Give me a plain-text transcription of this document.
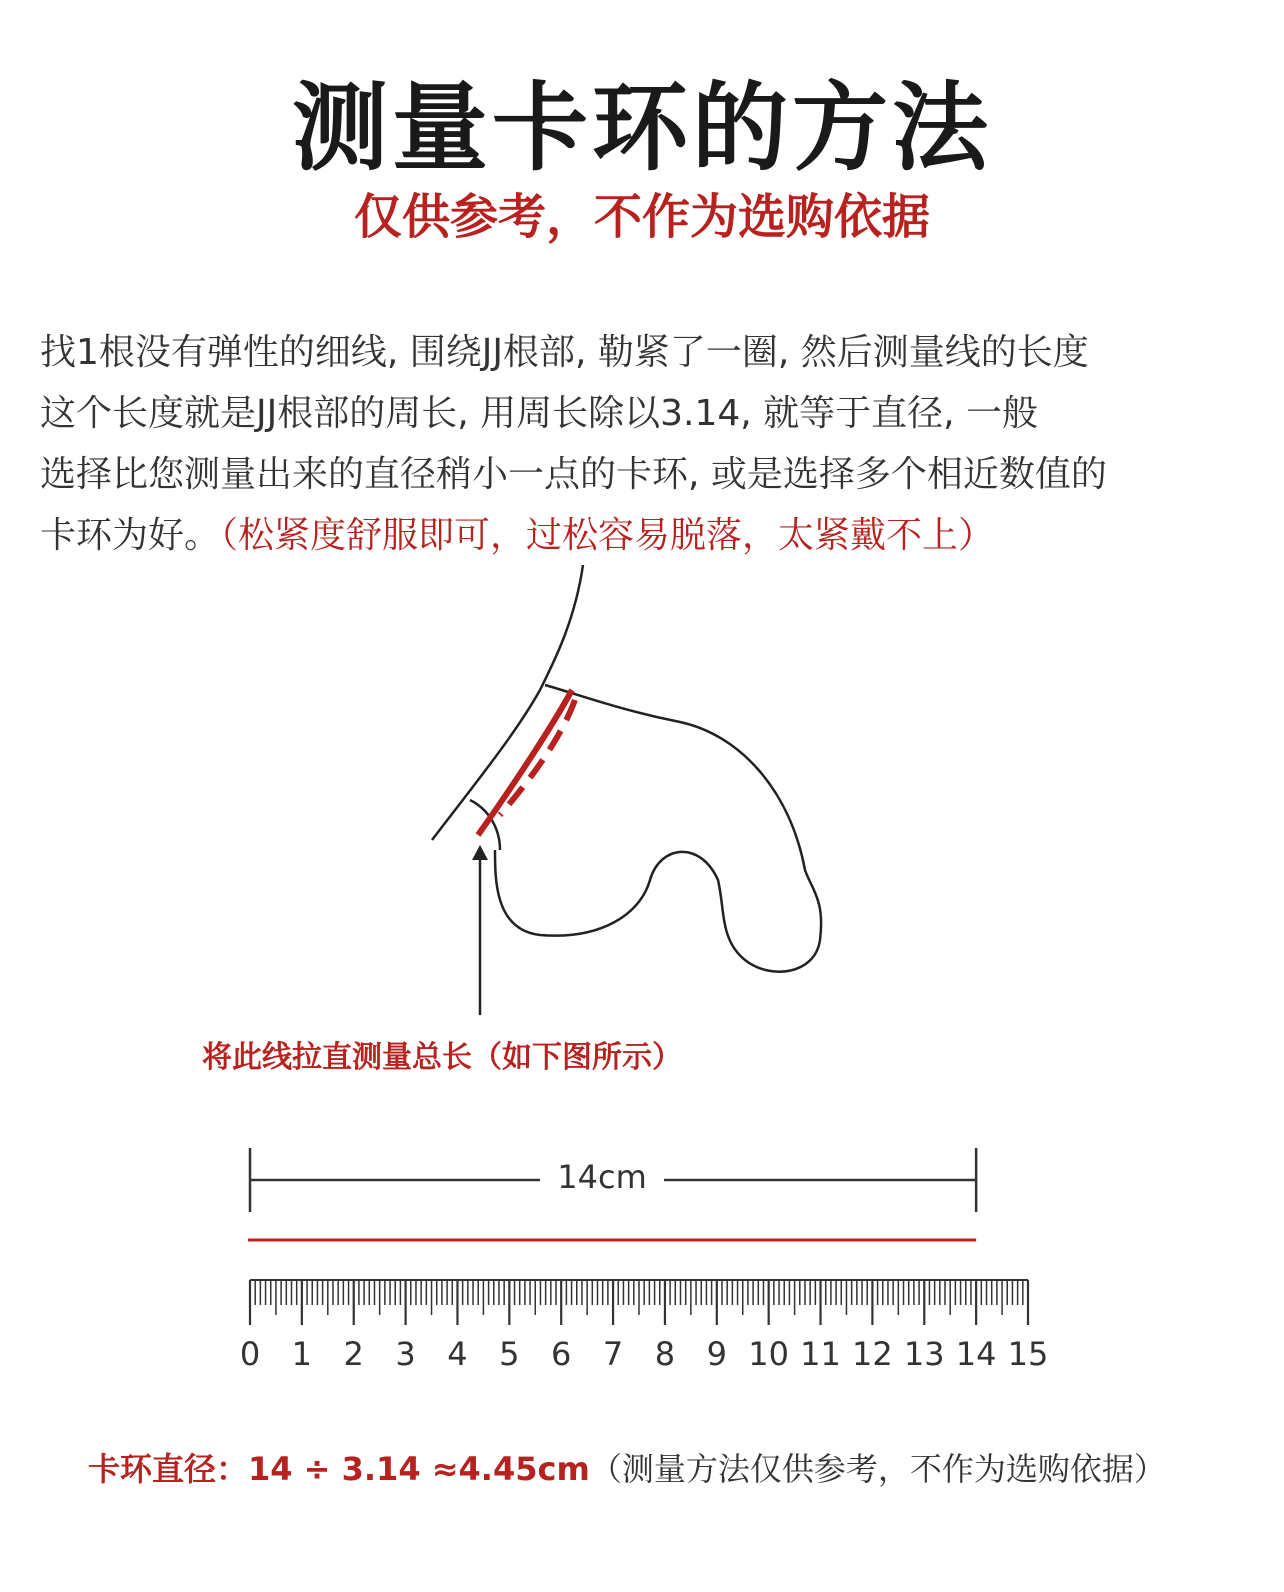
测量卡环的方法
仅供参考，不作为选购依据
找1根没有弹性的细线, 围绕JJ根部, 勒紧了一圈, 然后测量线的长度
这个长度就是JJ根部的周长, 用周长除以3.14, 就等于直径, 一般
选择比您测量出来的直径稍小一点的卡环, 或是选择多个相近数值的
卡环为好。（松紧度舒服即可，过松容易脱落，太紧戴不上）
0 1 2 3 4 5 6 7 8 9 10 11 12 13 14 15
14cm
将此线拉直测量总长（如下图所示）
卡环直径：14 ÷ 3.14 ≈4.45cm（测量方法仅供参考，不作为选购依据）
